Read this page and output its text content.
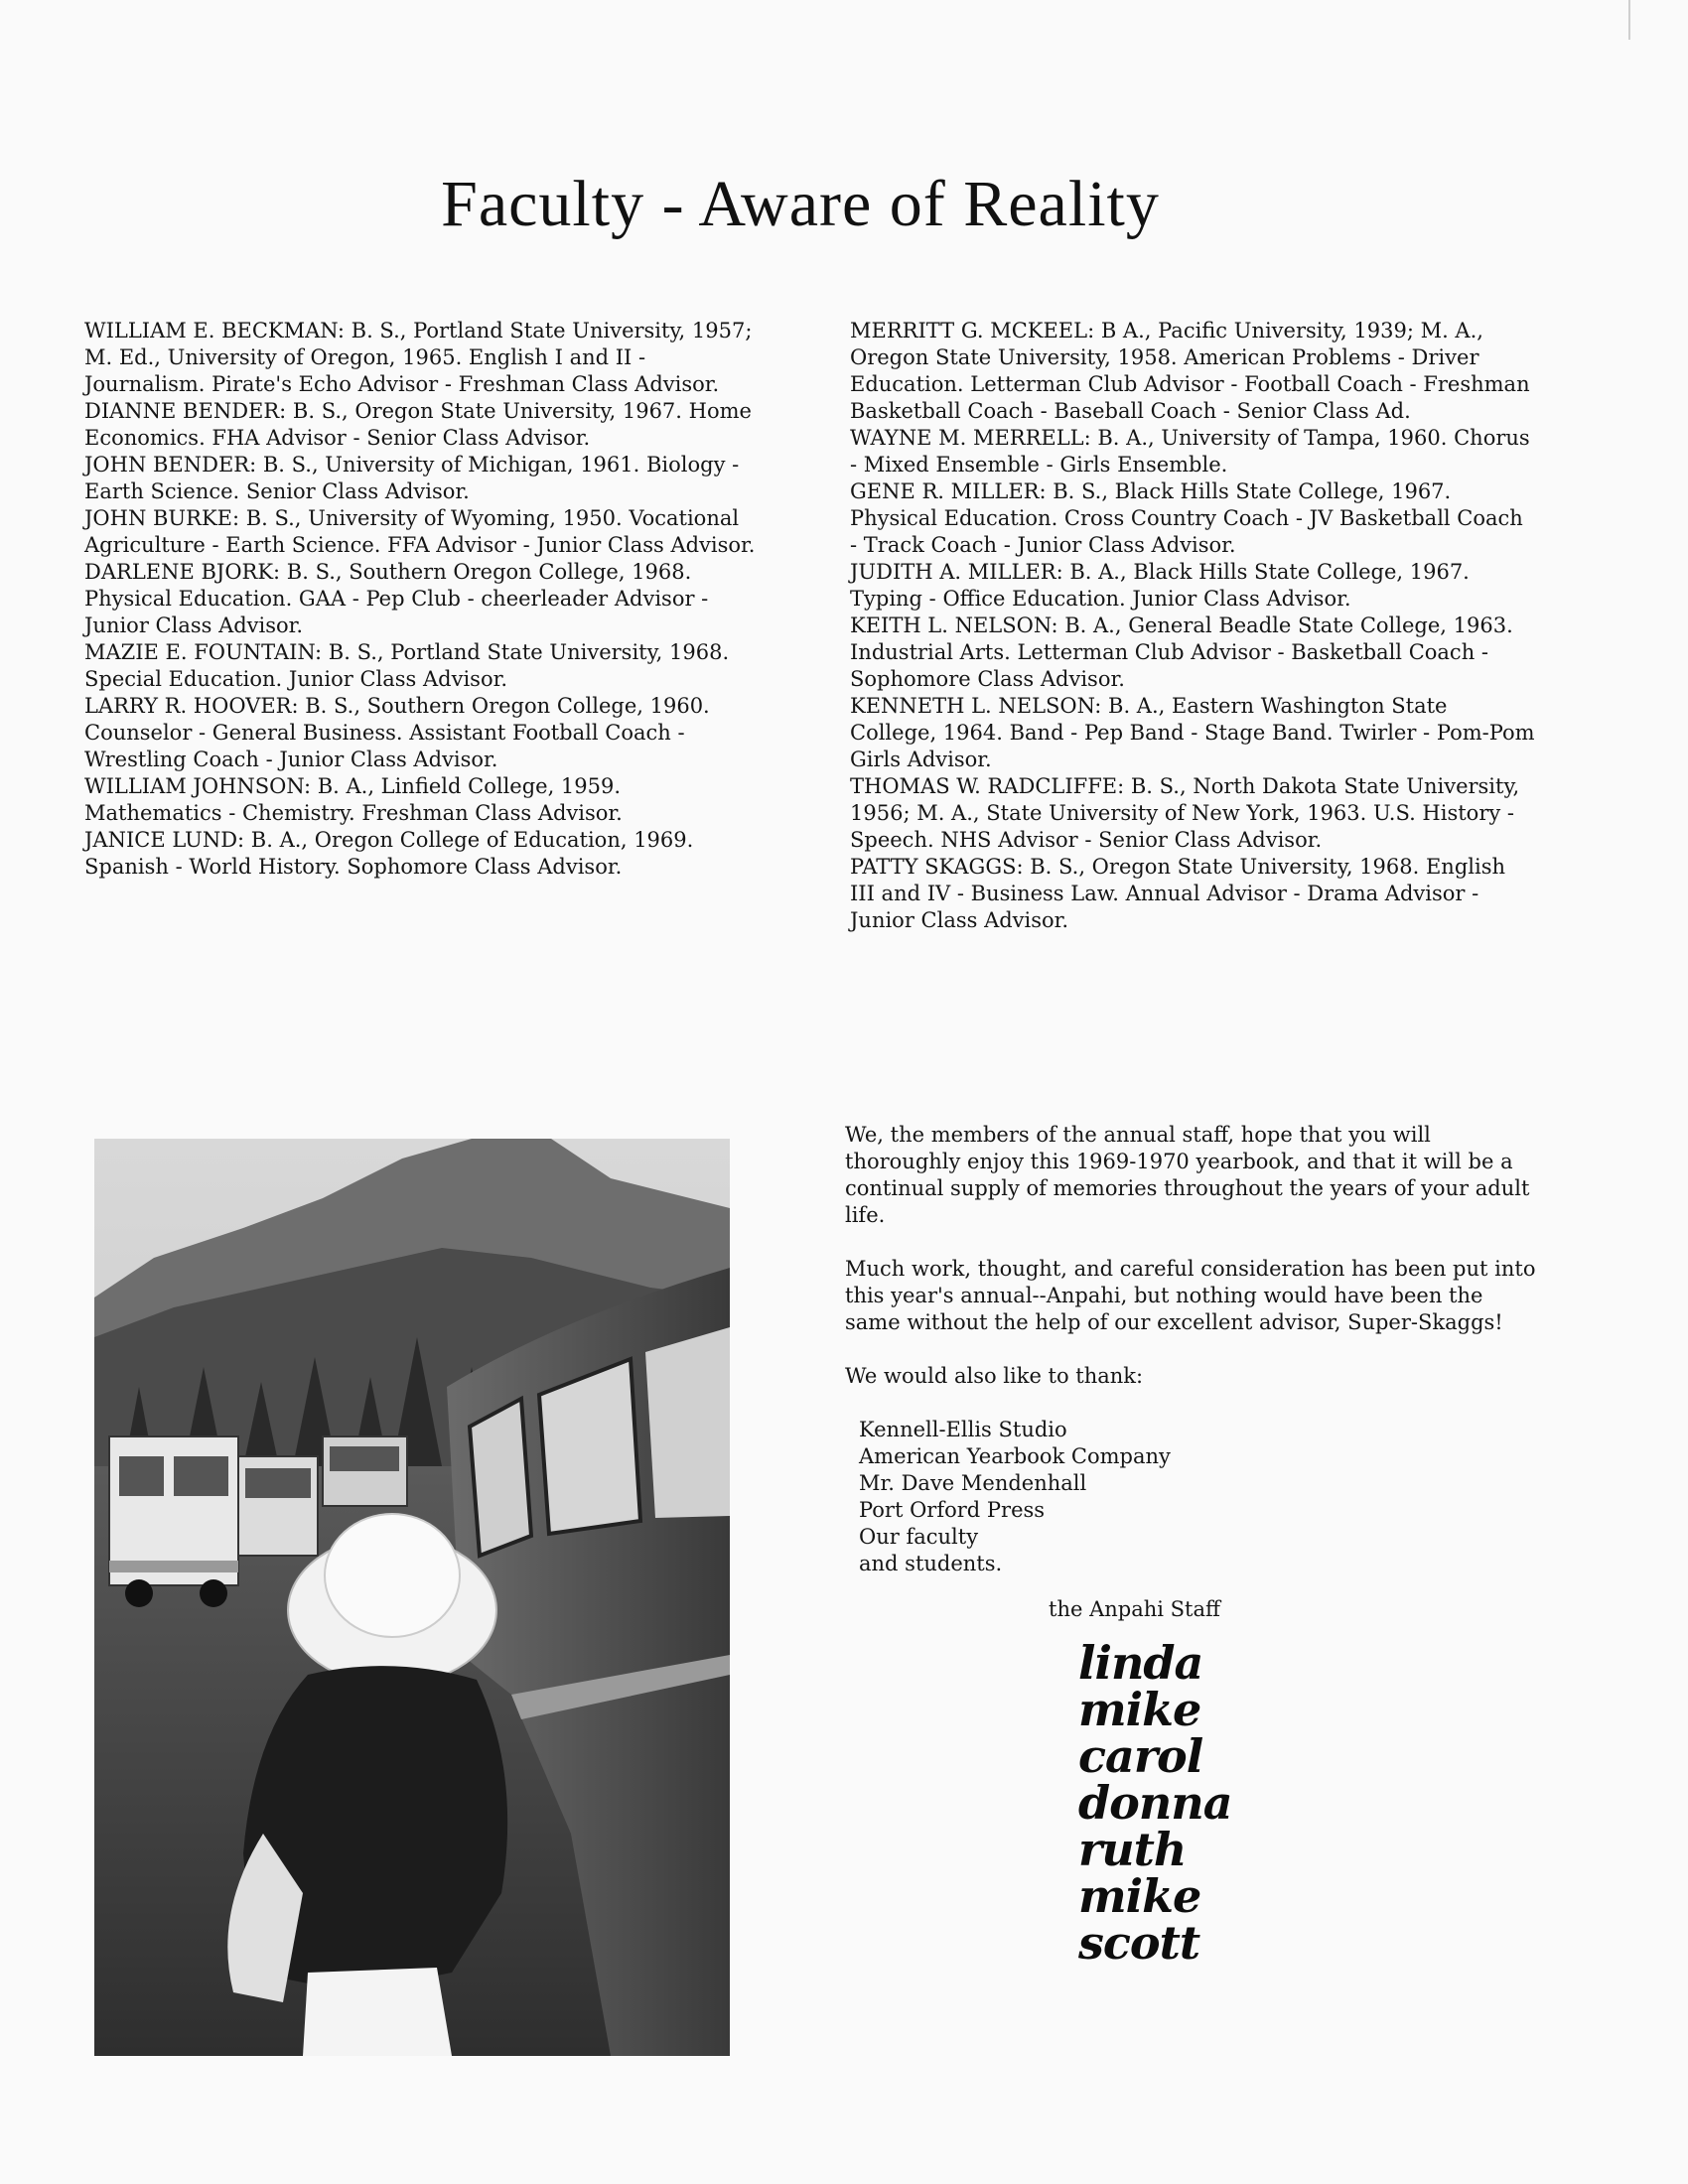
Faculty - Aware of Reality

WILLIAM E. BECKMAN: B. S., Portland State University, 1957; M. Ed., University of Oregon, 1965. English I and II - Journalism. Pirate's Echo Advisor - Freshman Class Advisor.

DIANNE BENDER: B. S., Oregon State University, 1967. Home Economics. FHA Advisor - Senior Class Advisor.

JOHN BENDER: B. S., University of Michigan, 1961. Biology - Earth Science. Senior Class Advisor.

JOHN BURKE: B. S., University of Wyoming, 1950. Vocational Agriculture - Earth Science. FFA Advisor - Junior Class Advisor.

DARLENE BJORK: B. S., Southern Oregon College, 1968. Physical Education. GAA - Pep Club - cheerleader Advisor - Junior Class Advisor.

MAZIE E. FOUNTAIN: B. S., Portland State University, 1968. Special Education. Junior Class Advisor.

LARRY R. HOOVER: B. S., Southern Oregon College, 1960. Counselor - General Business. Assistant Football Coach - Wrestling Coach - Junior Class Advisor.

WILLIAM JOHNSON: B. A., Linfield College, 1959. Mathematics - Chemistry. Freshman Class Advisor.

JANICE LUND: B. A., Oregon College of Education, 1969. Spanish - World History. Sophomore Class Advisor.

MERRITT G. MCKEEL: B A., Pacific University, 1939; M. A., Oregon State University, 1958. American Problems - Driver Education. Letterman Club Advisor - Football Coach - Freshman Basketball Coach - Baseball Coach - Senior Class Ad.

WAYNE M. MERRELL: B. A., University of Tampa, 1960. Chorus - Mixed Ensemble - Girls Ensemble.

GENE R. MILLER: B. S., Black Hills State College, 1967. Physical Education. Cross Country Coach - JV Basketball Coach - Track Coach - Junior Class Advisor.

JUDITH A. MILLER: B. A., Black Hills State College, 1967. Typing - Office Education. Junior Class Advisor.

KEITH L. NELSON: B. A., General Beadle State College, 1963. Industrial Arts. Letterman Club Advisor - Basketball Coach - Sophomore Class Advisor.

KENNETH L. NELSON: B. A., Eastern Washington State College, 1964. Band - Pep Band - Stage Band. Twirler - Pom-Pom Girls Advisor.

THOMAS W. RADCLIFFE: B. S., North Dakota State University, 1956; M. A., State University of New York, 1963. U.S. History - Speech. NHS Advisor - Senior Class Advisor.

PATTY SKAGGS: B. S., Oregon State University, 1968. English III and IV - Business Law. Annual Advisor - Drama Advisor - Junior Class Advisor.

We, the members of the annual staff, hope that you will thoroughly enjoy this 1969-1970 yearbook, and that it will be a continual supply of memories throughout the years of your adult life.

Much work, thought, and careful consideration has been put into this year's annual--Anpahi, but nothing would have been the same without the help of our excellent advisor, Super-Skaggs!

We would also like to thank:

Kennell-Ellis Studio
American Yearbook Company
Mr. Dave Mendenhall
Port Orford Press
Our faculty
and students.
the Anpahi Staff
linda
mike
carol
donna
ruth
mike
scott
